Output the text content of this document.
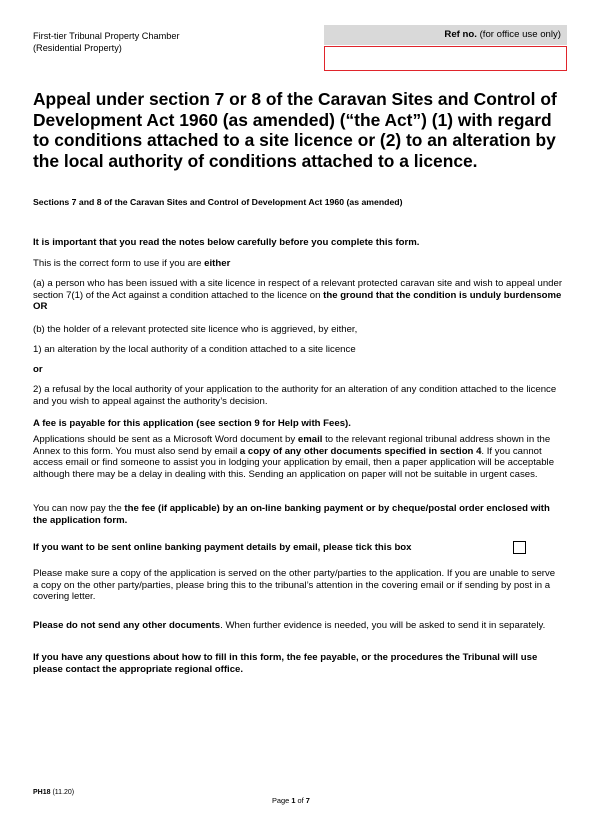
First-tier Tribunal Property Chamber
(Residential Property)
Ref no. (for office use only)
Appeal under section 7 or 8 of the Caravan Sites and Control of Development Act 1960 (as amended) (“the Act”) (1) with regard to conditions attached to a site licence or (2) to an alteration by the local authority of conditions attached to a licence.
Sections 7 and 8 of the Caravan Sites and Control of Development Act 1960 (as amended)
It is important that you read the notes below carefully before you complete this form.
This is the correct form to use if you are either
(a) a person who has been issued with a site licence in respect of a relevant protected caravan site and wish to appeal under section 7(1) of the Act against a condition attached to the licence on the ground that the condition is unduly burdensome OR
(b) the holder of a relevant protected site licence who is aggrieved, by either,
1) an alteration by the local authority of a condition attached to a site licence
or
2) a refusal by the local authority of your application to the authority for an alteration of any condition attached to the licence and you wish to appeal against the authority’s decision.
A fee is payable for this application (see section 9 for Help with Fees).
Applications should be sent as a Microsoft Word document by email to the relevant regional tribunal address shown in the Annex to this form. You must also send by email a copy of any other documents specified in section 4. If you cannot access email or find someone to assist you in lodging your application by email, then a paper application will be acceptable although there may be a delay in dealing with this. Sending an application on paper will not be suitable in urgent cases.
You can now pay the the fee (if applicable) by an on-line banking payment or by cheque/postal order enclosed with the application form.
If you want to be sent online banking payment details by email, please tick this box
Please make sure a copy of the application is served on the other party/parties to the application. If you are unable to serve a copy on the other party/parties, please bring this to the tribunal’s attention in the covering email or if sending by post in a covering letter.
Please do not send any other documents. When further evidence is needed, you will be asked to send it in separately.
If you have any questions about how to fill in this form, the fee payable, or the procedures the Tribunal will use please contact the appropriate regional office.
PH18 (11.20)
Page 1 of 7
